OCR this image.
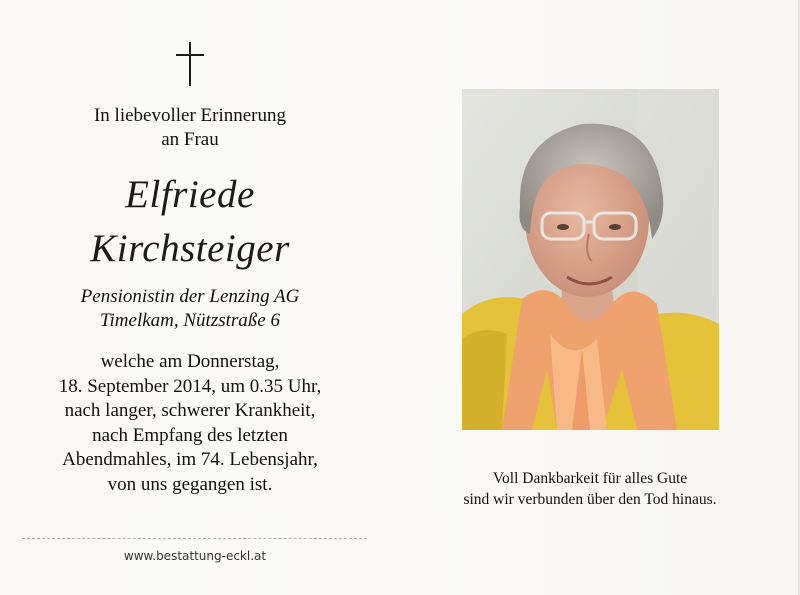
In liebevoller Erinnerung
an Frau
Elfriede
Kirchsteiger
Pensionistin der Lenzing AG
Timelkam, Nützstraße 6
welche am Donnerstag,
18. September 2014, um 0.35 Uhr,
nach langer, schwerer Krankheit,
nach Empfang des letzten
Abendmahles, im 74. Lebensjahr,
von uns gegangen ist.
www.bestattung-eckl.at
Voll Dankbarkeit für alles Gute
sind wir verbunden über den Tod hinaus.
